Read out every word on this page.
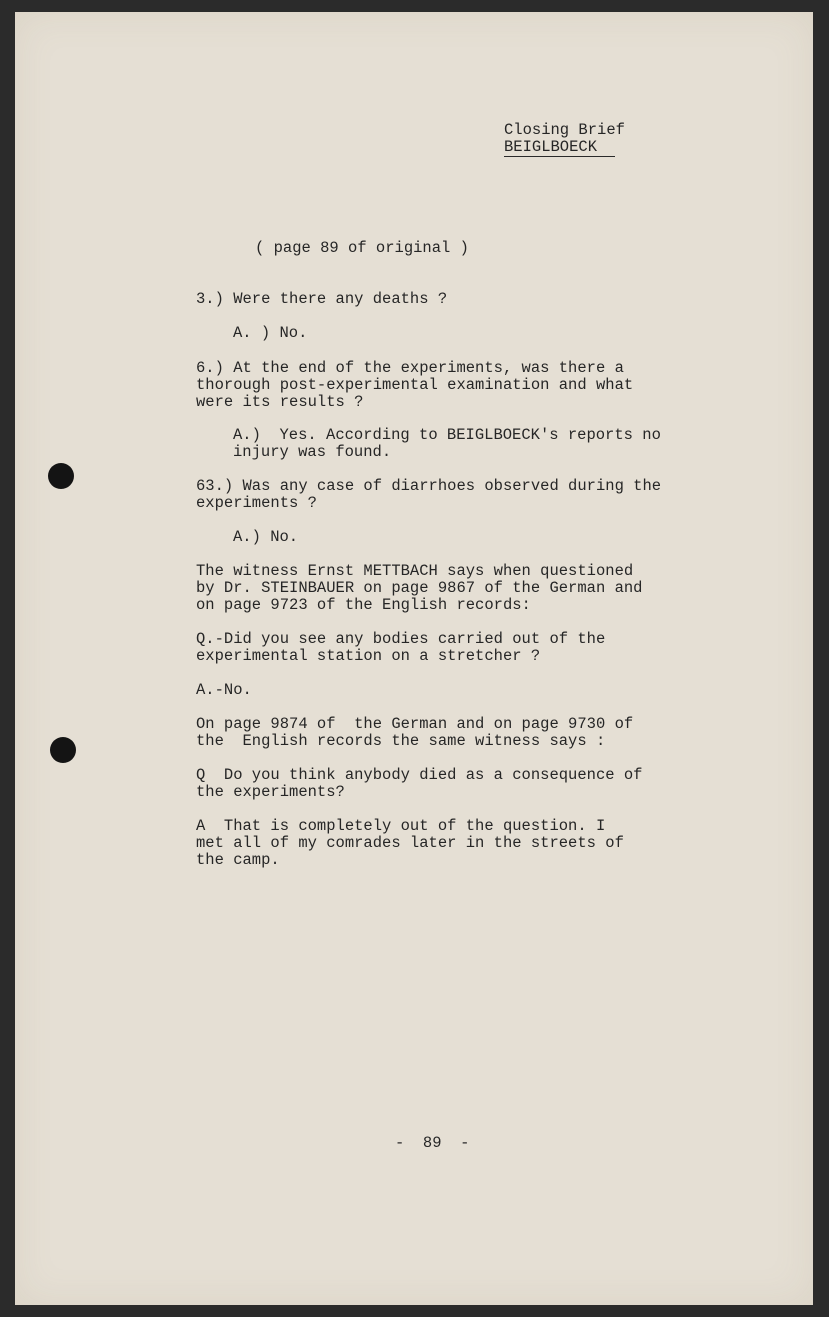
Closing Brief

BEIGLBOECK

( page 89 of original )

3.) Were there any deaths ?

A. ) No.

6.) At the end of the experiments, was there a
thorough post-experimental examination and what
were its results ?

A.)  Yes. According to BEIGLBOECK's reports no
injury was found.

63.) Was any case of diarrhoes observed during the
experiments ?

A.) No.

The witness Ernst METTBACH says when questioned
by Dr. STEINBAUER on page 9867 of the German and
on page 9723 of the English records:

Q.-Did you see any bodies carried out of the
experimental station on a stretcher ?

A.-No.

On page 9874 of  the German and on page 9730 of
the  English records the same witness says :

Q  Do you think anybody died as a consequence of
the experiments?

A  That is completely out of the question. I
met all of my comrades later in the streets of
the camp.

-  89  -
